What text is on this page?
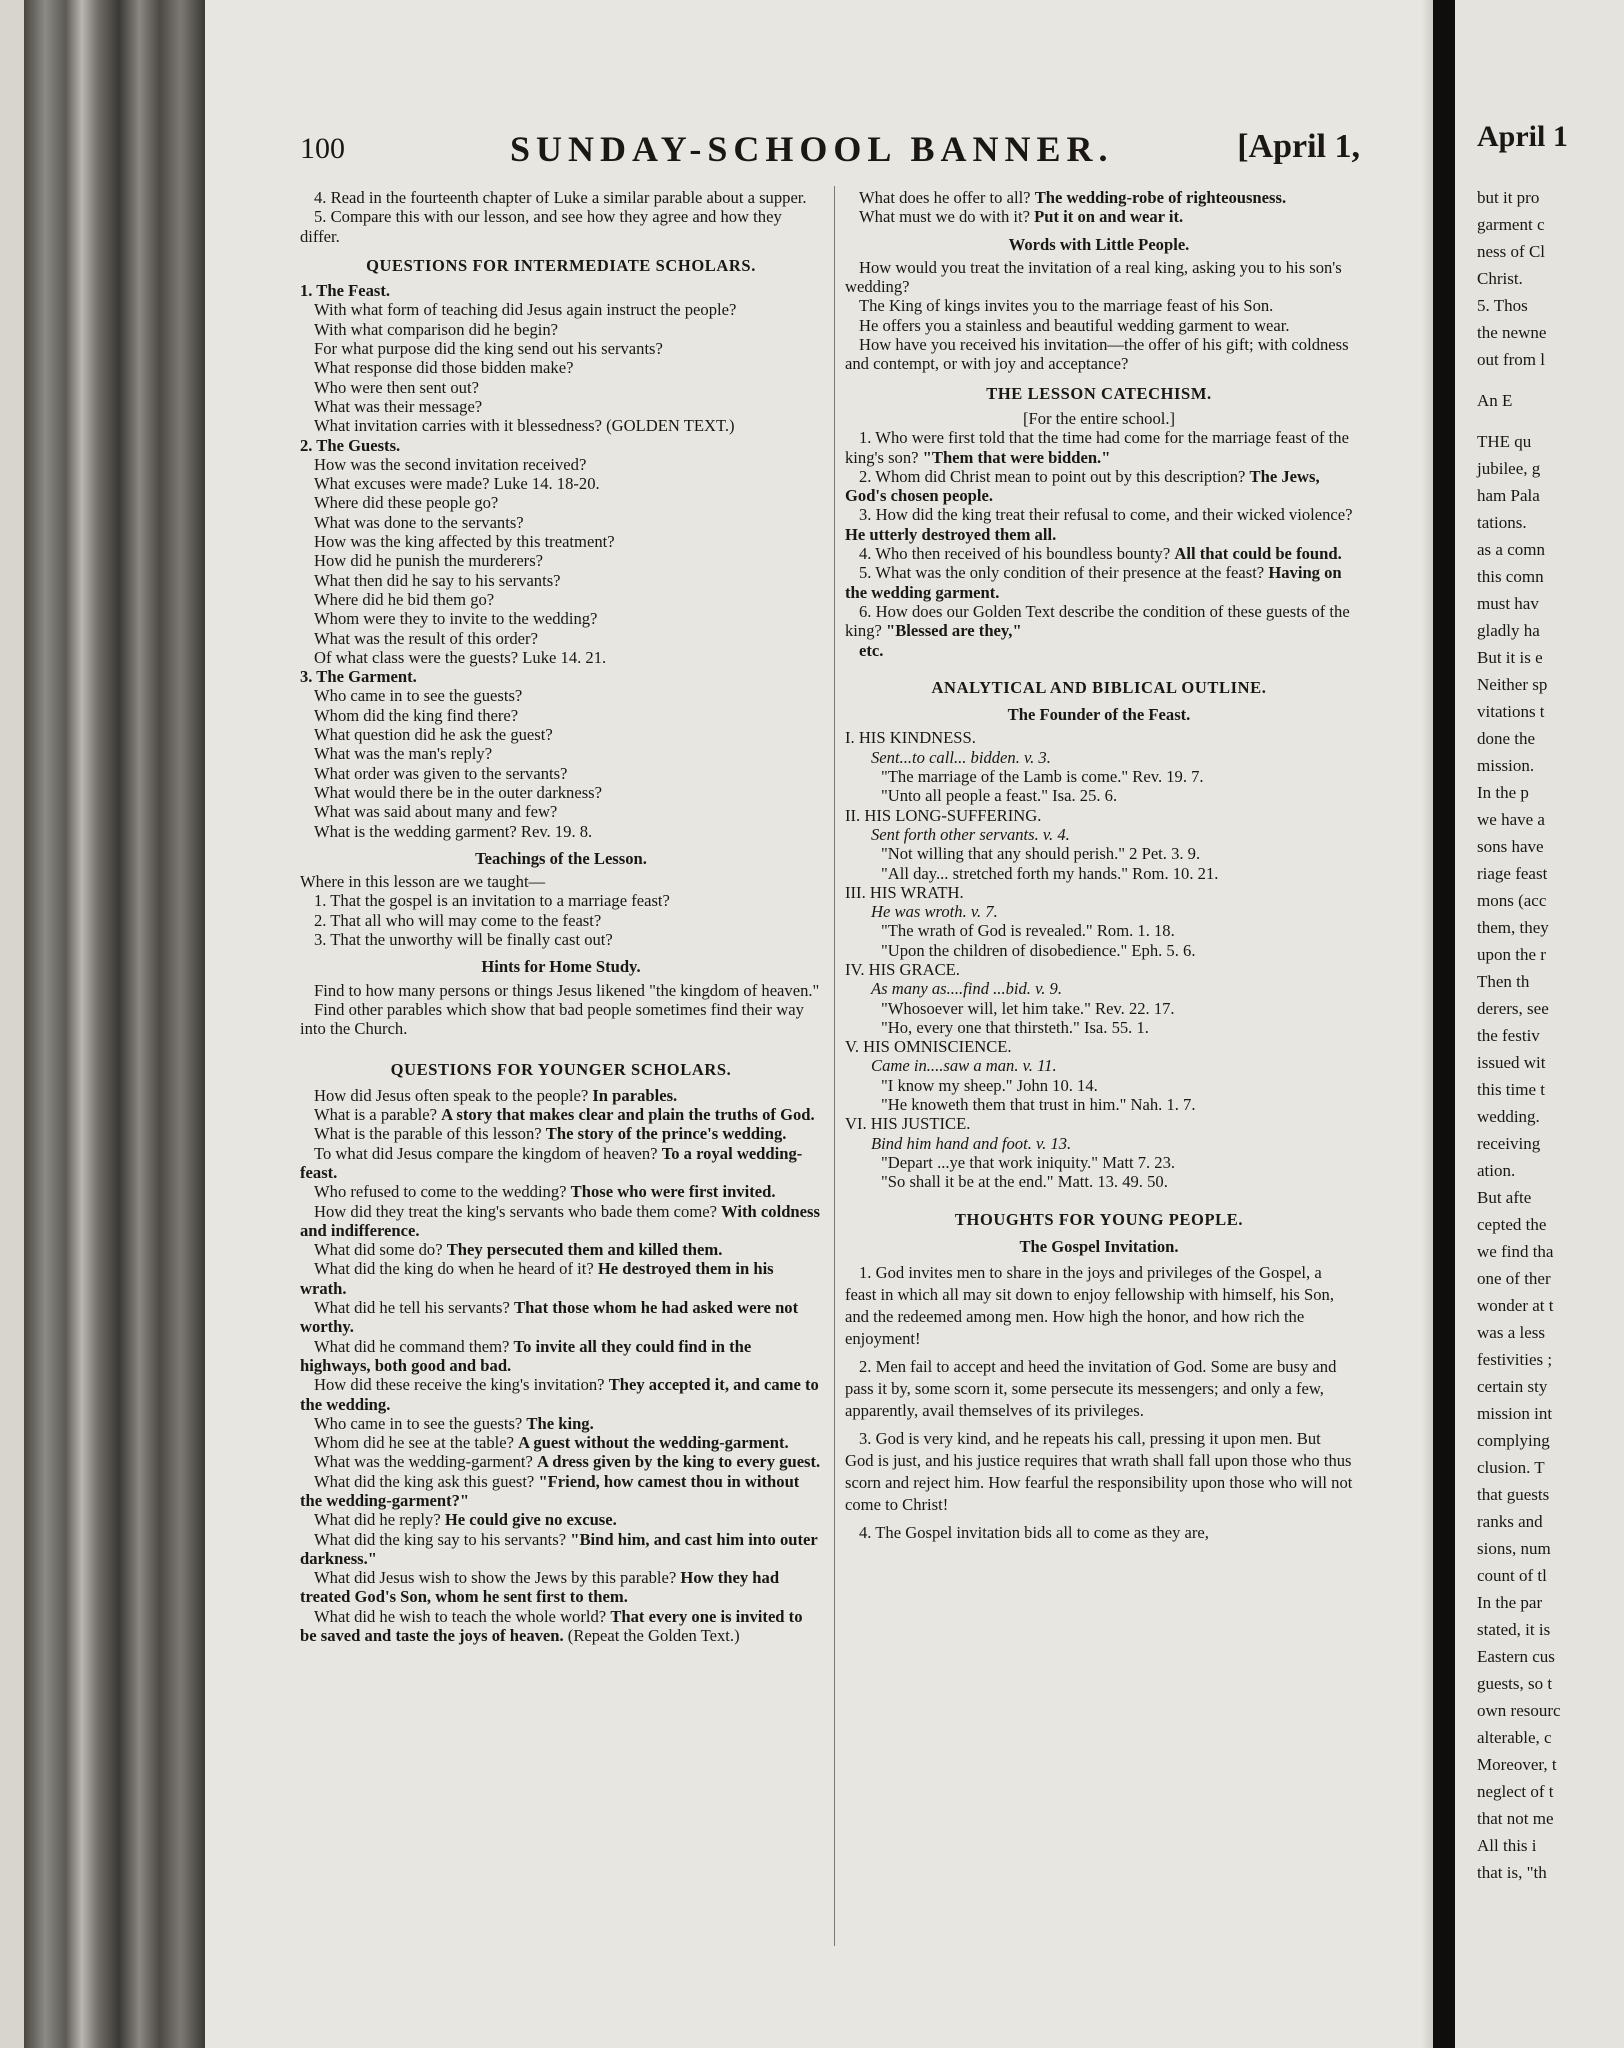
April 1
but it pro
garment c
ness of Cl
Christ.
5. Thos
the newne
out from l
An E
THE qu
jubilee, g
ham Pala
tations.
as a comn
this comn
must hav
gladly ha
But it is e
Neither sp
vitations t
done the
mission.
In the p
we have a
sons have
riage feast
mons (acc
them, they
upon the r
Then th
derers, see
the festiv
issued wit
this time t
wedding.
receiving
ation.
But afte
cepted the
we find tha
one of ther
wonder at t
was a less
festivities ;
certain sty
mission int
complying
clusion. T
that guests
ranks and
sions, num
count of tl
In the par
stated, it is
Eastern cus
guests, so t
own resourc
alterable, c
Moreover, t
neglect of t
that not me
All this i
that is, "th
100	SUNDAY-SCHOOL BANNER.	[April 1,

4. Read in the fourteenth chapter of Luke a similar parable about a supper.

5. Compare this with our lesson, and see how they agree and how they differ.

QUESTIONS FOR INTERMEDIATE SCHOLARS.

1. The Feast.

With what form of teaching did Jesus again instruct the people?

With what comparison did he begin?

For what purpose did the king send out his servants?

What response did those bidden make?

Who were then sent out?

What was their message?

What invitation carries with it blessedness? (GOLDEN TEXT.)

2. The Guests.

How was the second invitation received?

What excuses were made? Luke 14. 18-20.

Where did these people go?

What was done to the servants?

How was the king affected by this treatment?

How did he punish the murderers?

What then did he say to his servants?

Where did he bid them go?

Whom were they to invite to the wedding?

What was the result of this order?

Of what class were the guests? Luke 14. 21.

3. The Garment.

Who came in to see the guests?

Whom did the king find there?

What question did he ask the guest?

What was the man's reply?

What order was given to the servants?

What would there be in the outer darkness?

What was said about many and few?

What is the wedding garment? Rev. 19. 8.

Teachings of the Lesson.

Where in this lesson are we taught—

1. That the gospel is an invitation to a marriage feast?

2. That all who will may come to the feast?

3. That the unworthy will be finally cast out?

Hints for Home Study.

Find to how many persons or things Jesus likened "the kingdom of heaven."

Find other parables which show that bad people sometimes find their way into the Church.

QUESTIONS FOR YOUNGER SCHOLARS.

How did Jesus often speak to the people? In parables.

What is a parable? A story that makes clear and plain the truths of God.

What is the parable of this lesson? The story of the prince's wedding.

To what did Jesus compare the kingdom of heaven? To a royal wedding-feast.

Who refused to come to the wedding? Those who were first invited.

How did they treat the king's servants who bade them come? With coldness and indifference.

What did some do? They persecuted them and killed them.

What did the king do when he heard of it? He destroyed them in his wrath.

What did he tell his servants? That those whom he had asked were not worthy.

What did he command them? To invite all they could find in the highways, both good and bad.

How did these receive the king's invitation? They accepted it, and came to the wedding.

Who came in to see the guests? The king.

Whom did he see at the table? A guest without the wedding-garment.

What was the wedding-garment? A dress given by the king to every guest.

What did the king ask this guest? "Friend, how camest thou in without the wedding-garment?"

What did he reply? He could give no excuse.

What did the king say to his servants? "Bind him, and cast him into outer darkness."

What did Jesus wish to show the Jews by this parable? How they had treated God's Son, whom he sent first to them.

What did he wish to teach the whole world? That every one is invited to be saved and taste the joys of heaven. (Repeat the Golden Text.)

What does he offer to all? The wedding-robe of righteousness.

What must we do with it? Put it on and wear it.

Words with Little People.

How would you treat the invitation of a real king, asking you to his son's wedding?

The King of kings invites you to the marriage feast of his Son.

He offers you a stainless and beautiful wedding garment to wear.

How have you received his invitation—the offer of his gift; with coldness and contempt, or with joy and acceptance?

THE LESSON CATECHISM.
[For the entire school.]

1. Who were first told that the time had come for the marriage feast of the king's son? "Them that were bidden."

2. Whom did Christ mean to point out by this description? The Jews, God's chosen people.

3. How did the king treat their refusal to come, and their wicked violence? He utterly destroyed them all.

4. Who then received of his boundless bounty? All that could be found.

5. What was the only condition of their presence at the feast? Having on the wedding garment.

6. How does our Golden Text describe the condition of these guests of the king? "Blessed are they,"

etc.

ANALYTICAL AND BIBLICAL OUTLINE.
The Founder of the Feast.

I. HIS KINDNESS.

Sent...to call... bidden. v. 3.

"The marriage of the Lamb is come." Rev. 19. 7.

"Unto all people a feast." Isa. 25. 6.

II. HIS LONG-SUFFERING.

Sent forth other servants. v. 4.

"Not willing that any should perish." 2 Pet. 3. 9.

"All day... stretched forth my hands." Rom. 10. 21.

III. HIS WRATH.

He was wroth. v. 7.

"The wrath of God is revealed." Rom. 1. 18.

"Upon the children of disobedience." Eph. 5. 6.

IV. HIS GRACE.

As many as....find ...bid. v. 9.

"Whosoever will, let him take." Rev. 22. 17.

"Ho, every one that thirsteth." Isa. 55. 1.

V. HIS OMNISCIENCE.

Came in....saw a man. v. 11.

"I know my sheep." John 10. 14.

"He knoweth them that trust in him." Nah. 1. 7.

VI. HIS JUSTICE.

Bind him hand and foot. v. 13.

"Depart ...ye that work iniquity." Matt 7. 23.

"So shall it be at the end." Matt. 13. 49. 50.

THOUGHTS FOR YOUNG PEOPLE.
The Gospel Invitation.

1. God invites men to share in the joys and privileges of the Gospel, a feast in which all may sit down to enjoy fellowship with himself, his Son, and the redeemed among men. How high the honor, and how rich the enjoyment!

2. Men fail to accept and heed the invitation of God. Some are busy and pass it by, some scorn it, some persecute its messengers; and only a few, apparently, avail themselves of its privileges.

3. God is very kind, and he repeats his call, pressing it upon men. But God is just, and his justice requires that wrath shall fall upon those who thus scorn and reject him. How fearful the responsibility upon those who will not come to Christ!

4. The Gospel invitation bids all to come as they are,
